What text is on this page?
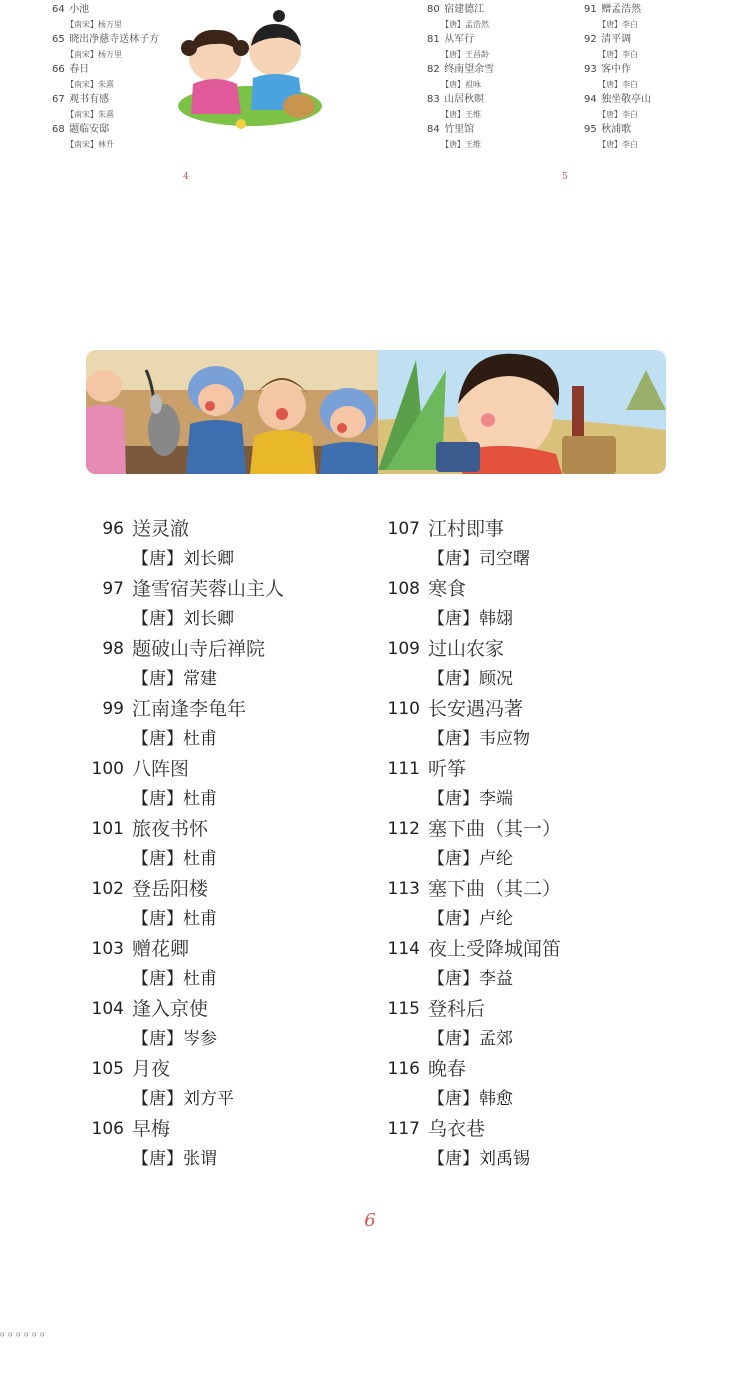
64 小池
【南宋】杨万里
65 晓出净慈寺送林子方
【南宋】杨万里
66 春日
【南宋】朱熹
67 观书有感
【南宋】朱熹
68 题临安邸
【南宋】林升
80 宿建德江
【唐】孟浩然
81 从军行
【唐】王昌龄
82 终南望余雪
【唐】祖咏
83 山居秋暝
【唐】王维
84 竹里馆
【唐】王维
91 赠孟浩然
【唐】李白
92 清平调
【唐】李白
93 客中作
【唐】李白
94 独坐敬亭山
【唐】李白
95 秋浦歌
【唐】李白
4	5
96 送灵澈
【唐】刘长卿
97 逢雪宿芙蓉山主人
【唐】刘长卿
98 题破山寺后禅院
【唐】常建
99 江南逢李龟年
【唐】杜甫
100 八阵图
【唐】杜甫
101 旅夜书怀
【唐】杜甫
102 登岳阳楼
【唐】杜甫
103 赠花卿
【唐】杜甫
104 逢入京使
【唐】岑参
105 月夜
【唐】刘方平
106 早梅
【唐】张谓
107 江村即事
【唐】司空曙
108 寒食
【唐】韩翃
109 过山农家
【唐】顾况
110 长安遇冯著
【唐】韦应物
111 听筝
【唐】李端
112 塞下曲（其一）
【唐】卢纶
113 塞下曲（其二）
【唐】卢纶
114 夜上受降城闻笛
【唐】李益
115 登科后
【唐】孟郊
116 晚春
【唐】韩愈
117 乌衣巷
【唐】刘禹锡
6
。。。。。。
